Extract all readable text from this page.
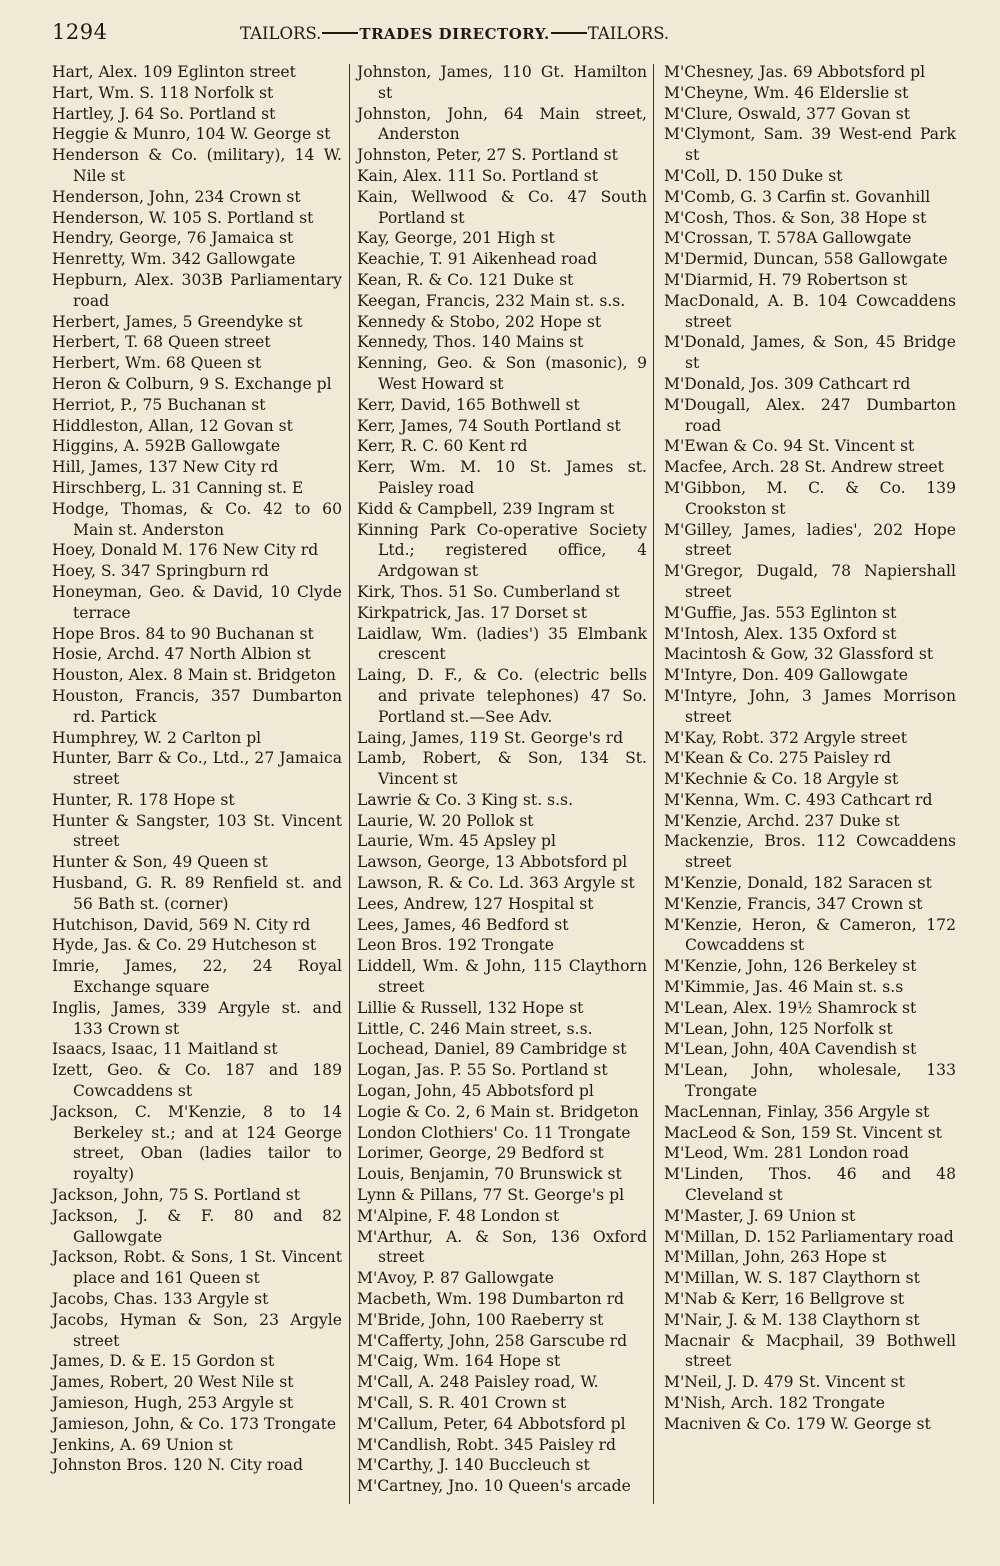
1294	TAILORS.	TRADES DIRECTORY. TAILORS.

Hart, Alex. 109 Eglinton street

Hart, Wm. S. 118 Norfolk st

Hartley, J. 64 So. Portland st

Heggie & Munro, 104 W. George st

Henderson & Co. (military), 14 W. Nile st

Henderson, John, 234 Crown st

Henderson, W. 105 S. Portland st

Hendry, George, 76 Jamaica st

Henretty, Wm. 342 Gallowgate

Hepburn, Alex. 303B Parliamentary road

Herbert, James, 5 Greendyke st

Herbert, T. 68 Queen street

Herbert, Wm. 68 Queen st

Heron & Colburn, 9 S. Exchange pl

Herriot, P., 75 Buchanan st

Hiddleston, Allan, 12 Govan st

Higgins, A. 592B Gallowgate

Hill, James, 137 New City rd

Hirschberg, L. 31 Canning st. E

Hodge, Thomas, & Co. 42 to 60 Main st. Anderston

Hoey, Donald M. 176 New City rd

Hoey, S. 347 Springburn rd

Honeyman, Geo. & David, 10 Clyde terrace

Hope Bros. 84 to 90 Buchanan st

Hosie, Archd. 47 North Albion st

Houston, Alex. 8 Main st. Bridgeton

Houston, Francis, 357 Dumbarton rd. Partick

Humphrey, W. 2 Carlton pl

Hunter, Barr & Co., Ltd., 27 Jamaica street

Hunter, R. 178 Hope st

Hunter & Sangster, 103 St. Vincent street

Hunter & Son, 49 Queen st

Husband, G. R. 89 Renfield st. and 56 Bath st. (corner)

Hutchison, David, 569 N. City rd

Hyde, Jas. & Co. 29 Hutcheson st

Imrie, James, 22, 24 Royal Exchange square

Inglis, James, 339 Argyle st. and 133 Crown st

Isaacs, Isaac, 11 Maitland st

Izett, Geo. & Co. 187 and 189 Cowcaddens st

Jackson, C. M'Kenzie, 8 to 14 Berkeley st.; and at 124 George street, Oban (ladies tailor to royalty)

Jackson, John, 75 S. Portland st

Jackson, J. & F. 80 and 82 Gallowgate

Jackson, Robt. & Sons, 1 St. Vincent place and 161 Queen st

Jacobs, Chas. 133 Argyle st

Jacobs, Hyman & Son, 23 Argyle street

James, D. & E. 15 Gordon st

James, Robert, 20 West Nile st

Jamieson, Hugh, 253 Argyle st

Jamieson, John, & Co. 173 Trongate

Jenkins, A. 69 Union st

Johnston Bros. 120 N. City road

Johnston, James, 110 Gt. Hamilton st

Johnston, John, 64 Main street, Anderston

Johnston, Peter, 27 S. Portland st

Kain, Alex. 111 So. Portland st

Kain, Wellwood & Co. 47 South Portland st

Kay, George, 201 High st

Keachie, T. 91 Aikenhead road

Kean, R. & Co. 121 Duke st

Keegan, Francis, 232 Main st. s.s.

Kennedy & Stobo, 202 Hope st

Kennedy, Thos. 140 Mains st

Kenning, Geo. & Son (masonic), 9 West Howard st

Kerr, David, 165 Bothwell st

Kerr, James, 74 South Portland st

Kerr, R. C. 60 Kent rd

Kerr, Wm. M. 10 St. James st. Paisley road

Kidd & Campbell, 239 Ingram st

Kinning Park Co-operative Society Ltd.; registered office, 4 Ardgowan st

Kirk, Thos. 51 So. Cumberland st

Kirkpatrick, Jas. 17 Dorset st

Laidlaw, Wm. (ladies') 35 Elmbank crescent

Laing, D. F., & Co. (electric bells and private telephones) 47 So. Portland st.—See Adv.

Laing, James, 119 St. George's rd

Lamb, Robert, & Son, 134 St. Vincent st

Lawrie & Co. 3 King st. s.s.

Laurie, W. 20 Pollok st

Laurie, Wm. 45 Apsley pl

Lawson, George, 13 Abbotsford pl

Lawson, R. & Co. Ld. 363 Argyle st

Lees, Andrew, 127 Hospital st

Lees, James, 46 Bedford st

Leon Bros. 192 Trongate

Liddell, Wm. & John, 115 Claythorn street

Lillie & Russell, 132 Hope st

Little, C. 246 Main street, s.s.

Lochead, Daniel, 89 Cambridge st

Logan, Jas. P. 55 So. Portland st

Logan, John, 45 Abbotsford pl

Logie & Co. 2, 6 Main st. Bridgeton

London Clothiers' Co. 11 Trongate

Lorimer, George, 29 Bedford st

Louis, Benjamin, 70 Brunswick st

Lynn & Pillans, 77 St. George's pl

M'Alpine, F. 48 London st

M'Arthur, A. & Son, 136 Oxford street

M'Avoy, P. 87 Gallowgate

Macbeth, Wm. 198 Dumbarton rd

M'Bride, John, 100 Raeberry st

M'Cafferty, John, 258 Garscube rd

M'Caig, Wm. 164 Hope st

M'Call, A. 248 Paisley road, W.

M'Call, S. R. 401 Crown st

M'Callum, Peter, 64 Abbotsford pl

M'Candlish, Robt. 345 Paisley rd

M'Carthy, J. 140 Buccleuch st

M'Cartney, Jno. 10 Queen's arcade

M'Chesney, Jas. 69 Abbotsford pl

M'Cheyne, Wm. 46 Elderslie st

M'Clure, Oswald, 377 Govan st

M'Clymont, Sam. 39 West-end Park st

M'Coll, D. 150 Duke st

M'Comb, G. 3 Carfin st. Govanhill

M'Cosh, Thos. & Son, 38 Hope st

M'Crossan, T. 578A Gallowgate

M'Dermid, Duncan, 558 Gallowgate

M'Diarmid, H. 79 Robertson st

MacDonald, A. B. 104 Cowcaddens street

M'Donald, James, & Son, 45 Bridge st

M'Donald, Jos. 309 Cathcart rd

M'Dougall, Alex. 247 Dumbarton road

M'Ewan & Co. 94 St. Vincent st

Macfee, Arch. 28 St. Andrew street

M'Gibbon, M. C. & Co. 139 Crookston st

M'Gilley, James, ladies', 202 Hope street

M'Gregor, Dugald, 78 Napiershall street

M'Guffie, Jas. 553 Eglinton st

M'Intosh, Alex. 135 Oxford st

Macintosh & Gow, 32 Glassford st

M'Intyre, Don. 409 Gallowgate

M'Intyre, John, 3 James Morrison street

M'Kay, Robt. 372 Argyle street

M'Kean & Co. 275 Paisley rd

M'Kechnie & Co. 18 Argyle st

M'Kenna, Wm. C. 493 Cathcart rd

M'Kenzie, Archd. 237 Duke st

Mackenzie, Bros. 112 Cowcaddens street

M'Kenzie, Donald, 182 Saracen st

M'Kenzie, Francis, 347 Crown st

M'Kenzie, Heron, & Cameron, 172 Cowcaddens st

M'Kenzie, John, 126 Berkeley st

M'Kimmie, Jas. 46 Main st. s.s

M'Lean, Alex. 19½ Shamrock st

M'Lean, John, 125 Norfolk st

M'Lean, John, 40A Cavendish st

M'Lean, John, wholesale, 133 Trongate

MacLennan, Finlay, 356 Argyle st

MacLeod & Son, 159 St. Vincent st

M'Leod, Wm. 281 London road

M'Linden, Thos. 46 and 48 Cleveland st

M'Master, J. 69 Union st

M'Millan, D. 152 Parliamentary road

M'Millan, John, 263 Hope st

M'Millan, W. S. 187 Claythorn st

M'Nab & Kerr, 16 Bellgrove st

M'Nair, J. & M. 138 Claythorn st

Macnair & Macphail, 39 Bothwell street

M'Neil, J. D. 479 St. Vincent st

M'Nish, Arch. 182 Trongate

Macniven & Co. 179 W. George st
